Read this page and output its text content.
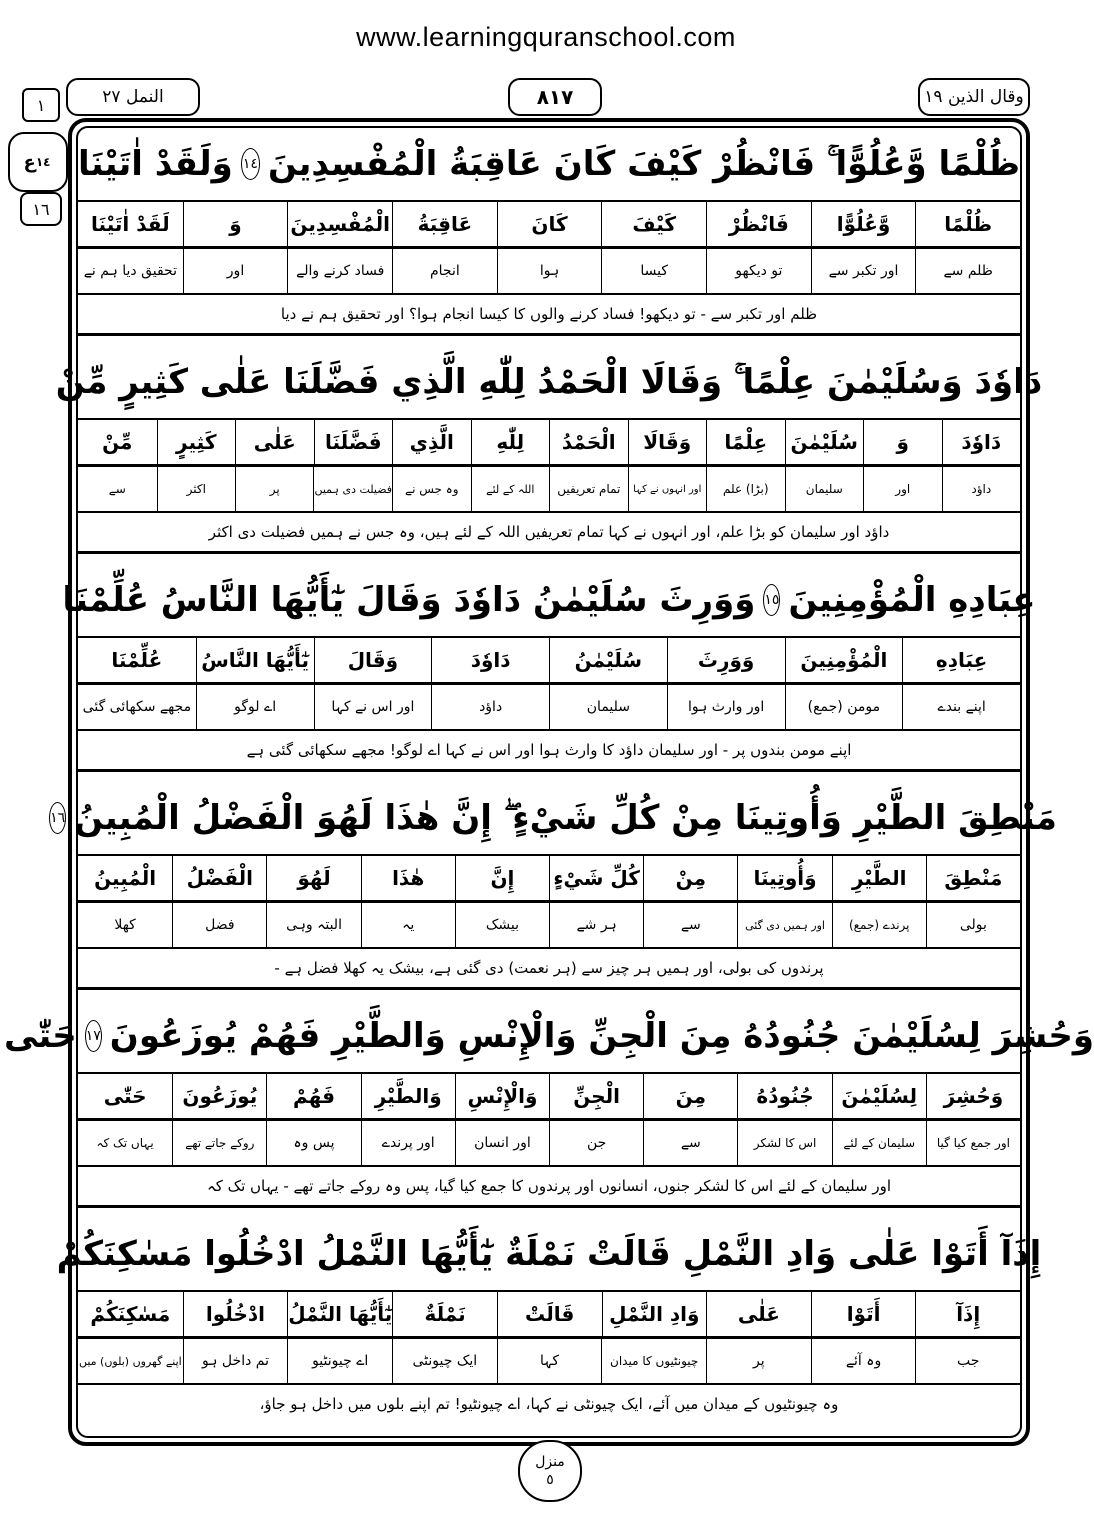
www.learningquranschool.com
النمل ٢٧	٨١٧	وقال الذين ١٩
١
ع ١٤
١٦
ظُلْمًا وَّعُلُوًّا ۚ فَانْظُرْ كَيْفَ كَانَ عَاقِبَةُ الْمُفْسِدِينَ
١٤
وَلَقَدْ اٰتَيْنَا
ظُلْمًا
وَّعُلُوًّا
فَانْظُرْ
كَيْفَ
كَانَ
عَاقِبَةُ
الْمُفْسِدِينَ
وَ
لَقَدْ اٰتَيْنَا
ظلم سے
اور تکبر سے
تو دیکھو
کیسا
ہوا
انجام
فساد کرنے والے
اور
تحقیق دیا ہم نے
ظلم اور تکبر سے - تو دیکھو! فساد کرنے والوں کا کیسا انجام ہوا؟ اور تحقیق ہم نے دیا
دَاوٗدَ وَسُلَيْمٰنَ عِلْمًا ۚ وَقَالَا الْحَمْدُ لِلّٰهِ الَّذِي فَضَّلَنَا عَلٰى كَثِيرٍ مِّنْ
دَاوٗدَ
وَ
سُلَيْمٰنَ
عِلْمًا
وَقَالَا
الْحَمْدُ
لِلّٰهِ
الَّذِي
فَضَّلَنَا
عَلٰى
كَثِيرٍ
مِّنْ
داؤد
اور
سلیمان
(بڑا) علم
اور انہوں نے کہا
تمام تعریفیں
اللہ کے لئے
وہ جس نے
فضیلت دی ہمیں
پر
اکثر
سے
داؤد اور سلیمان کو بڑا علم، اور انہوں نے کہا تمام تعریفیں اللہ کے لئے ہیں، وہ جس نے ہمیں فضیلت دی اکثر
عِبَادِهِ الْمُؤْمِنِينَ
١٥
وَوَرِثَ سُلَيْمٰنُ دَاوٗدَ وَقَالَ يٰٓأَيُّهَا النَّاسُ عُلِّمْنَا
عِبَادِهِ
الْمُؤْمِنِينَ
وَوَرِثَ
سُلَيْمٰنُ
دَاوٗدَ
وَقَالَ
يٰٓأَيُّهَا النَّاسُ
عُلِّمْنَا
اپنے بندے
مومن (جمع)
اور وارث ہوا
سلیمان
داؤد
اور اس نے کہا
اے لوگو
مجھے سکھائی گئی
اپنے مومن بندوں پر - اور سلیمان داؤد کا وارث ہوا اور اس نے کہا اے لوگو! مجھے سکھائی گئی ہے
مَنْطِقَ الطَّيْرِ وَأُوتِينَا مِنْ كُلِّ شَيْءٍ ۖ إِنَّ هٰذَا لَهُوَ الْفَضْلُ الْمُبِينُ
١٦
مَنْطِقَ
الطَّيْرِ
وَأُوتِينَا
مِنْ
كُلِّ شَيْءٍ
إِنَّ
هٰذَا
لَهُوَ
الْفَضْلُ
الْمُبِينُ
بولی
پرندے (جمع)
اور ہمیں دی گئی
سے
ہر شے
بیشک
یہ
البتہ وہی
فضل
کھلا
پرندوں کی بولی، اور ہمیں ہر چیز سے (ہر نعمت) دی گئی ہے، بیشک یہ کھلا فضل ہے -
وَحُشِرَ لِسُلَيْمٰنَ جُنُودُهُ مِنَ الْجِنِّ وَالْإِنْسِ وَالطَّيْرِ فَهُمْ يُوزَعُونَ
١٧
حَتّٰى
وَحُشِرَ
لِسُلَيْمٰنَ
جُنُودُهُ
مِنَ
الْجِنِّ
وَالْإِنْسِ
وَالطَّيْرِ
فَهُمْ
يُوزَعُونَ
حَتّٰى
اور جمع کیا گیا
سلیمان کے لئے
اس کا لشکر
سے
جن
اور انسان
اور پرندے
پس وہ
روکے جاتے تھے
یہاں تک کہ
اور سلیمان کے لئے اس کا لشکر جنوں، انسانوں اور پرندوں کا جمع کیا گیا، پس وہ روکے جاتے تھے - یہاں تک کہ
إِذَآ أَتَوْا عَلٰى وَادِ النَّمْلِ قَالَتْ نَمْلَةٌ يٰٓأَيُّهَا النَّمْلُ ادْخُلُوا مَسٰكِنَكُمْ
إِذَآ
أَتَوْا
عَلٰى
وَادِ النَّمْلِ
قَالَتْ
نَمْلَةٌ
يٰٓأَيُّهَا النَّمْلُ
ادْخُلُوا
مَسٰكِنَكُمْ
جب
وہ آئے
پر
چیونٹیوں کا میدان
کہا
ایک چیونٹی
اے چیونٹیو
تم داخل ہو
اپنے گھروں (بلوں) میں
وہ چیونٹیوں کے میدان میں آئے، ایک چیونٹی نے کہا، اے چیونٹیو! تم اپنے بلوں میں داخل ہو جاؤ،
منزل
٥
